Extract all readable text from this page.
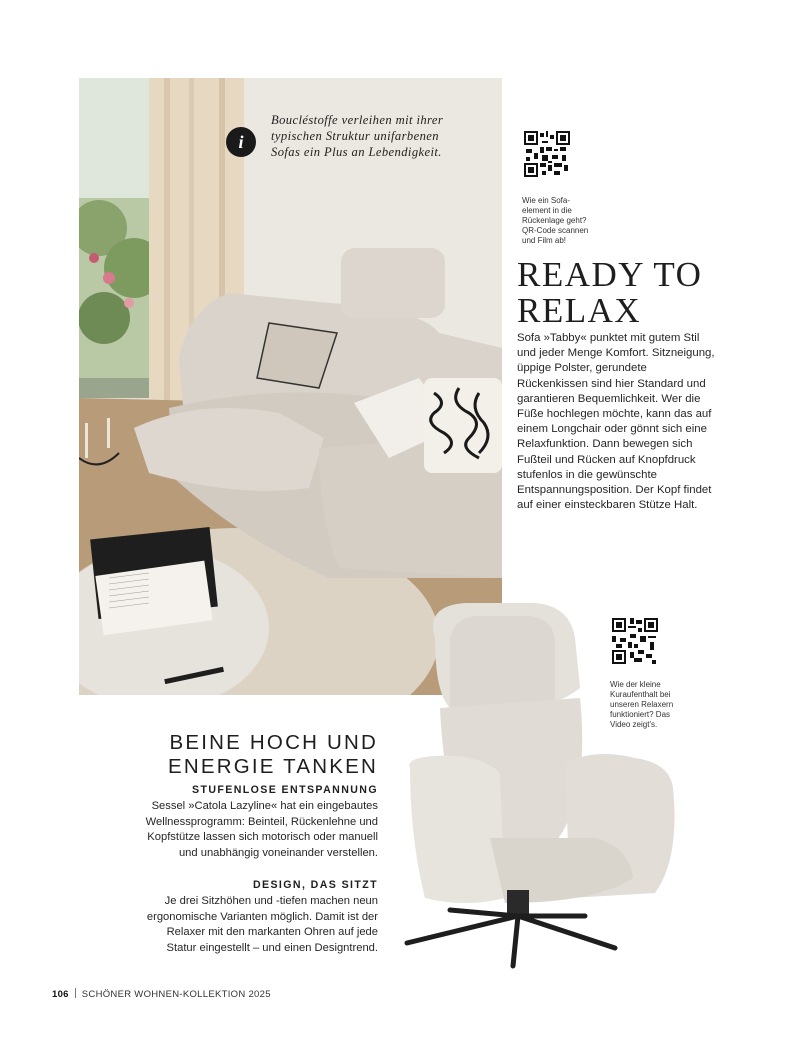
i
Boucléstoffe verleihen mit ihrer typischen Struktur unifarbenen Sofas ein Plus an Lebendigkeit.
Wie ein Sofa-
element in die
Rückenlage geht?
QR-Code scannen
und Film ab!
READY TO
RELAX

Sofa »Tabby« punktet mit gutem Stil und jeder Menge Komfort. Sitzneigung, üppige Polster, gerundete Rückenkissen sind hier Standard und garantieren Bequemlichkeit. Wer die Füße hochlegen möchte, kann das auf einem Longchair oder gönnt sich eine Relaxfunktion. Dann bewegen sich Fußteil und Rücken auf Knopfdruck stufenlos in die gewünschte Entspannungsposition. Der Kopf findet auf einer einsteckbaren Stütze Halt.

Wie der kleine
Kuraufenthalt bei
unseren Relaxern
funktioniert? Das
Video zeigt's.
BEINE HOCH UND
ENERGIE TANKEN
STUFENLOSE ENTSPANNUNG

Sessel »Catola Lazyline« hat ein eingebautes Wellnessprogramm: Beinteil, Rückenlehne und Kopfstütze lassen sich motorisch oder manuell und unabhängig voneinander verstellen.

DESIGN, DAS SITZT

Je drei Sitzhöhen und -tiefen machen neun ergonomische Varianten möglich. Damit ist der Relaxer mit den markanten Ohren auf jede Statur eingestellt – und einen Designtrend.

106 SCHÖNER WOHNEN-KOLLEKTION 2025
